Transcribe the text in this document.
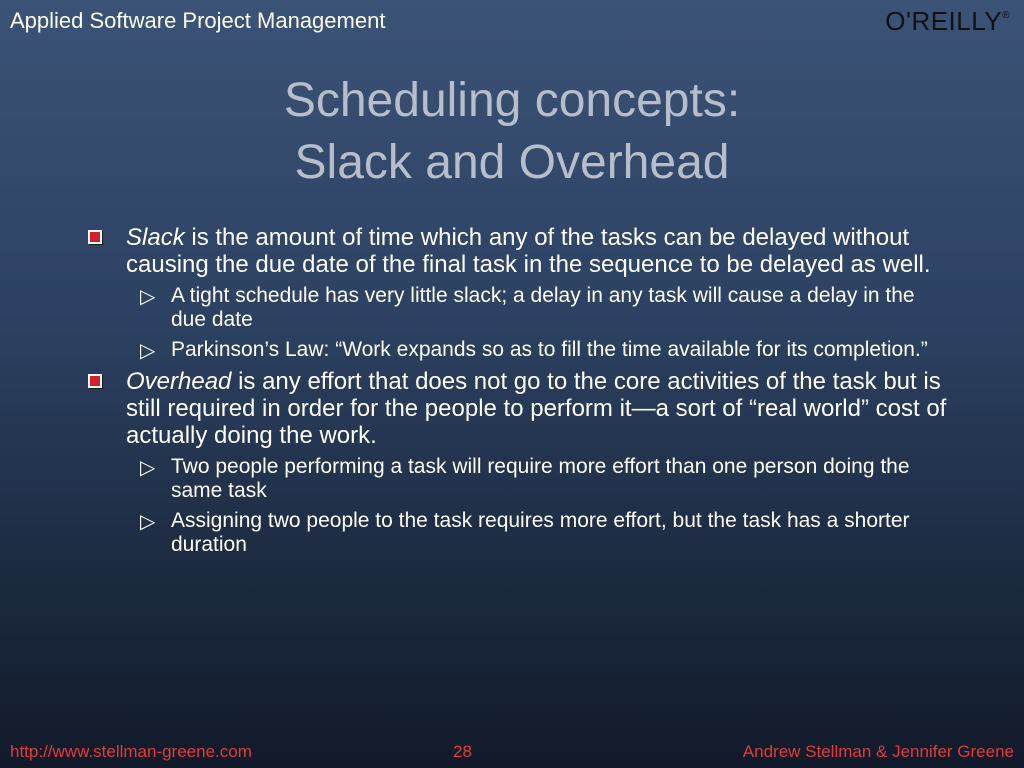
Applied Software Project Management	O'REILLY®
Scheduling concepts:
Slack and Overhead
Slack is the amount of time which any of the tasks can be delayed without causing the due date of the final task in the sequence to be delayed as well.
▷ A tight schedule has very little slack; a delay in any task will cause a delay in the due date
▷ Parkinson’s Law: “Work expands so as to fill the time available for its completion.”
Overhead is any effort that does not go to the core activities of the task but is still required in order for the people to perform it—a sort of “real world” cost of actually doing the work.
▷ Two people performing a task will require more effort than one person doing the same task
▷ Assigning two people to the task requires more effort, but the task has a shorter duration
http://www.stellman-greene.com	28	Andrew Stellman & Jennifer Greene
